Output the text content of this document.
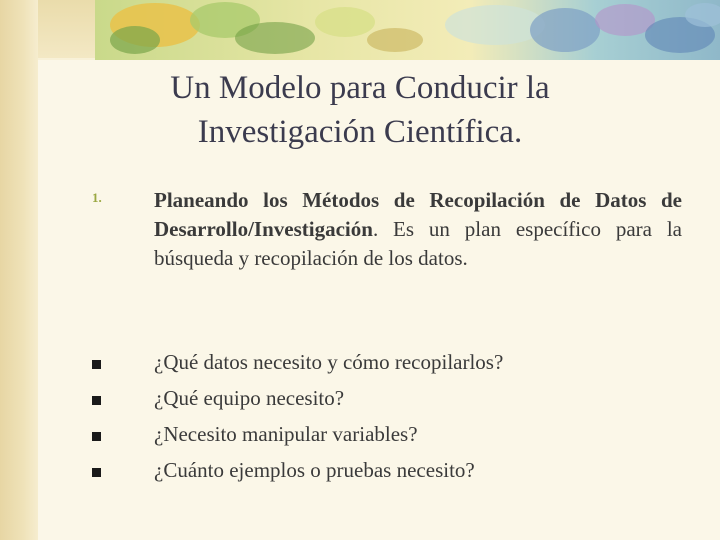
Un Modelo para Conducir la
Investigación Científica.
1. Planeando los Métodos de Recopilación de Datos de Desarrollo/Investigación. Es un plan específico para la búsqueda y recopilación de los datos.
¿Qué datos necesito y cómo recopilarlos?
¿Qué equipo necesito?
¿Necesito manipular variables?
¿Cuánto ejemplos o pruebas necesito?
